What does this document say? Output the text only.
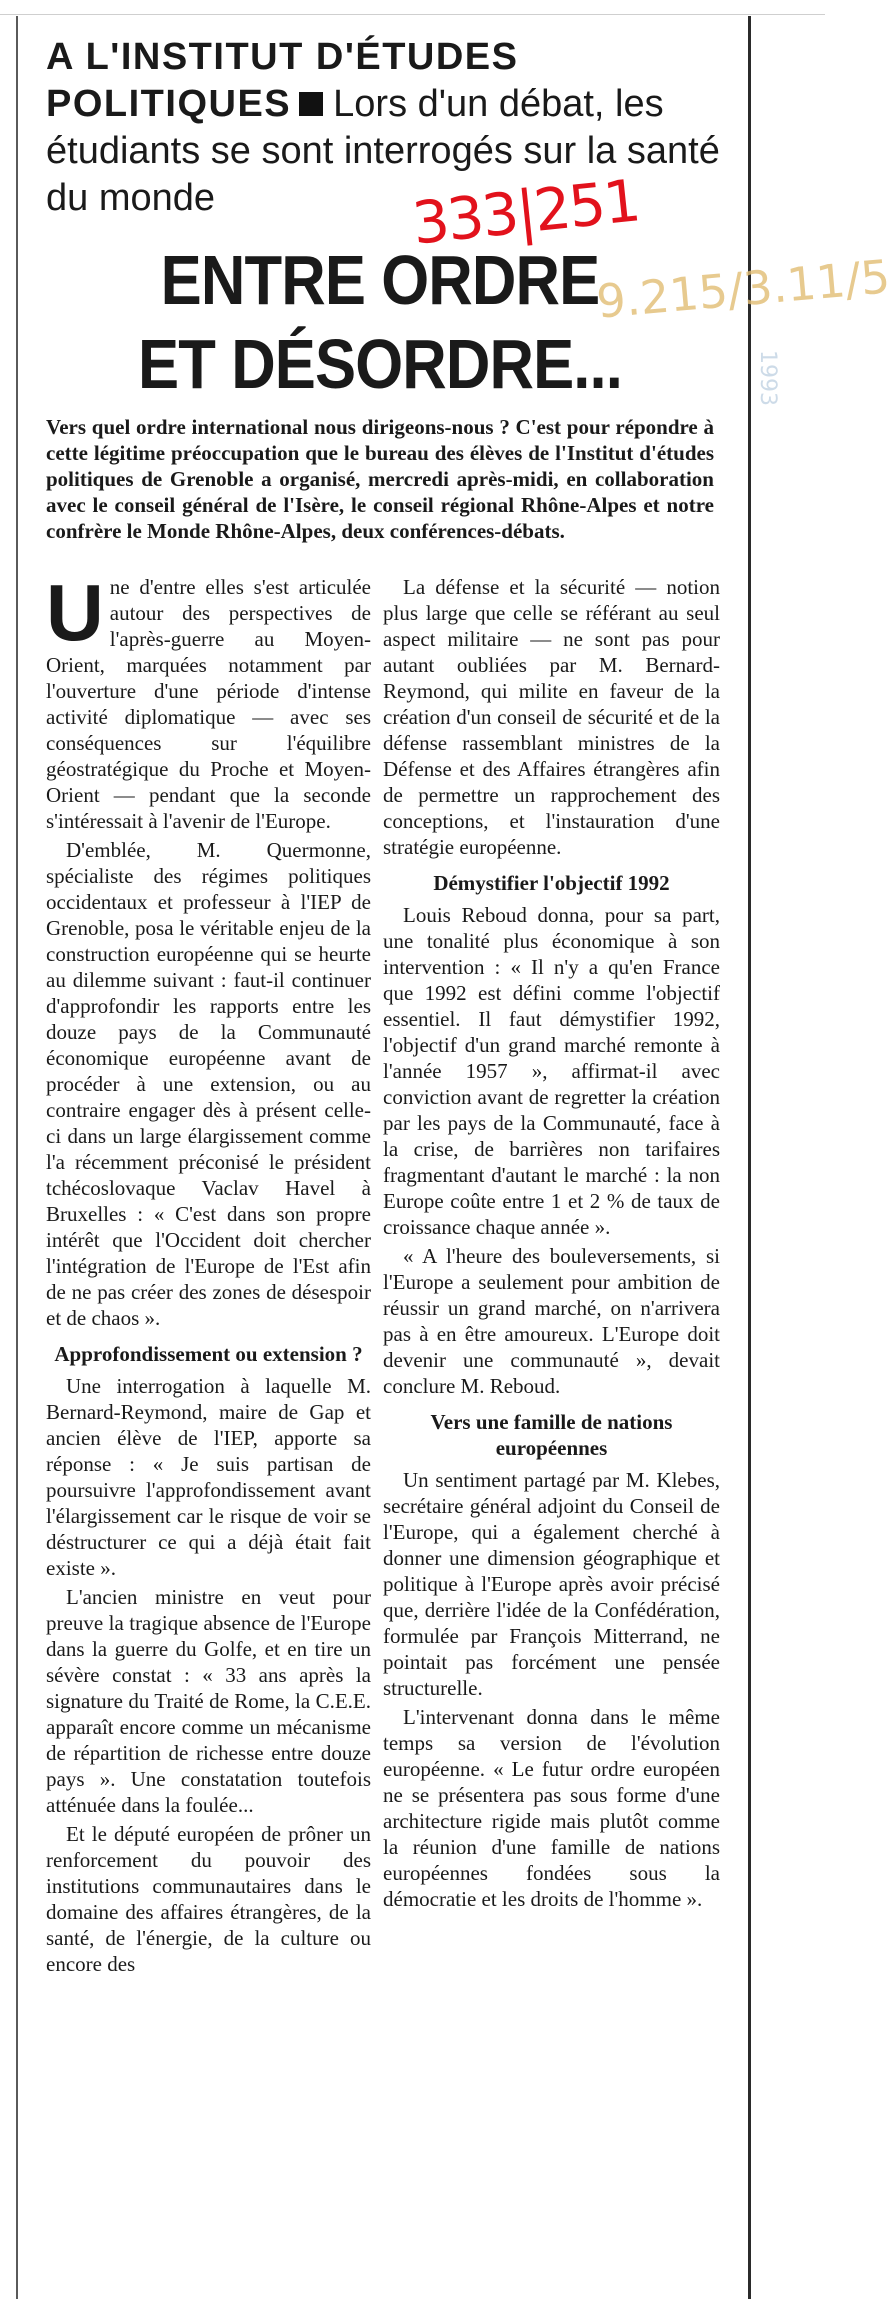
A L'INSTITUT D'ÉTUDES POLITIQUES Lors d'un débat, les étudiants se sont interrogés sur la santé du monde	333|251
9.215/3.11/5
1993
ENTRE ORDRE
ET DÉSORDRE...
Vers quel ordre international nous dirigeons-nous ? C'est pour répondre à cette légitime préoccupation que le bureau des élèves de l'Institut d'études politiques de Grenoble a organisé, mercredi après-midi, en collaboration avec le conseil général de l'Isère, le conseil régional Rhône-Alpes et notre confrère le Monde Rhône-Alpes, deux conférences-débats.

Une d'entre elles s'est articulée autour des perspectives de l'après-guerre au Moyen-Orient, marquées notamment par l'ouverture d'une période d'intense activité diplomatique — avec ses conséquences sur l'équilibre géostratégique du Proche et Moyen-Orient — pendant que la seconde s'intéressait à l'avenir de l'Europe.

D'emblée, M. Quermonne, spécialiste des régimes politiques occidentaux et professeur à l'IEP de Grenoble, posa le véritable enjeu de la construction européenne qui se heurte au dilemme suivant : faut-il continuer d'approfondir les rapports entre les douze pays de la Communauté économique européenne avant de procéder à une extension, ou au contraire engager dès à présent celle-ci dans un large élargissement comme l'a récemment préconisé le président tchécoslovaque Vaclav Havel à Bruxelles : « C'est dans son propre intérêt que l'Occident doit chercher l'intégration de l'Europe de l'Est afin de ne pas créer des zones de désespoir et de chaos ».

Approfondissement ou extension ?

Une interrogation à laquelle M. Bernard-Reymond, maire de Gap et ancien élève de l'IEP, apporte sa réponse : « Je suis partisan de poursuivre l'approfondissement avant l'élargissement car le risque de voir se déstructurer ce qui a déjà était fait existe ».

L'ancien ministre en veut pour preuve la tragique absence de l'Europe dans la guerre du Golfe, et en tire un sévère constat : « 33 ans après la signature du Traité de Rome, la C.E.E. apparaît encore comme un mécanisme de répartition de richesse entre douze pays ». Une constatation toutefois atténuée dans la foulée...

Et le député européen de prôner un renforcement du pouvoir des institutions communautaires dans le domaine des affaires étrangères, de la santé, de l'énergie, de la culture ou encore des

La défense et la sécurité — notion plus large que celle se référant au seul aspect militaire — ne sont pas pour autant oubliées par M. Bernard-Reymond, qui milite en faveur de la création d'un conseil de sécurité et de la défense rassemblant ministres de la Défense et des Affaires étrangères afin de permettre un rapprochement des conceptions, et l'instauration d'une stratégie européenne.

Démystifier l'objectif 1992

Louis Reboud donna, pour sa part, une tonalité plus économique à son intervention : « Il n'y a qu'en France que 1992 est défini comme l'objectif essentiel. Il faut démystifier 1992, l'objectif d'un grand marché remonte à l'année 1957 », affirmat-il avec conviction avant de regretter la création par les pays de la Communauté, face à la crise, de barrières non tarifaires fragmentant d'autant le marché : la non Europe coûte entre 1 et 2 % de taux de croissance chaque année ».

« A l'heure des bouleversements, si l'Europe a seulement pour ambition de réussir un grand marché, on n'arrivera pas à en être amoureux. L'Europe doit devenir une communauté », devait conclure M. Reboud.

Vers une famille de nations européennes

Un sentiment partagé par M. Klebes, secrétaire général adjoint du Conseil de l'Europe, qui a également cherché à donner une dimension géographique et politique à l'Europe après avoir précisé que, derrière l'idée de la Confédération, formulée par François Mitterrand, ne pointait pas forcément une pensée structurelle.

L'intervenant donna dans le même temps sa version de l'évolution européenne. « Le futur ordre européen ne se présentera pas sous forme d'une architecture rigide mais plutôt comme la réunion d'une famille de nations européennes fondées sous la démocratie et les droits de l'homme ».
